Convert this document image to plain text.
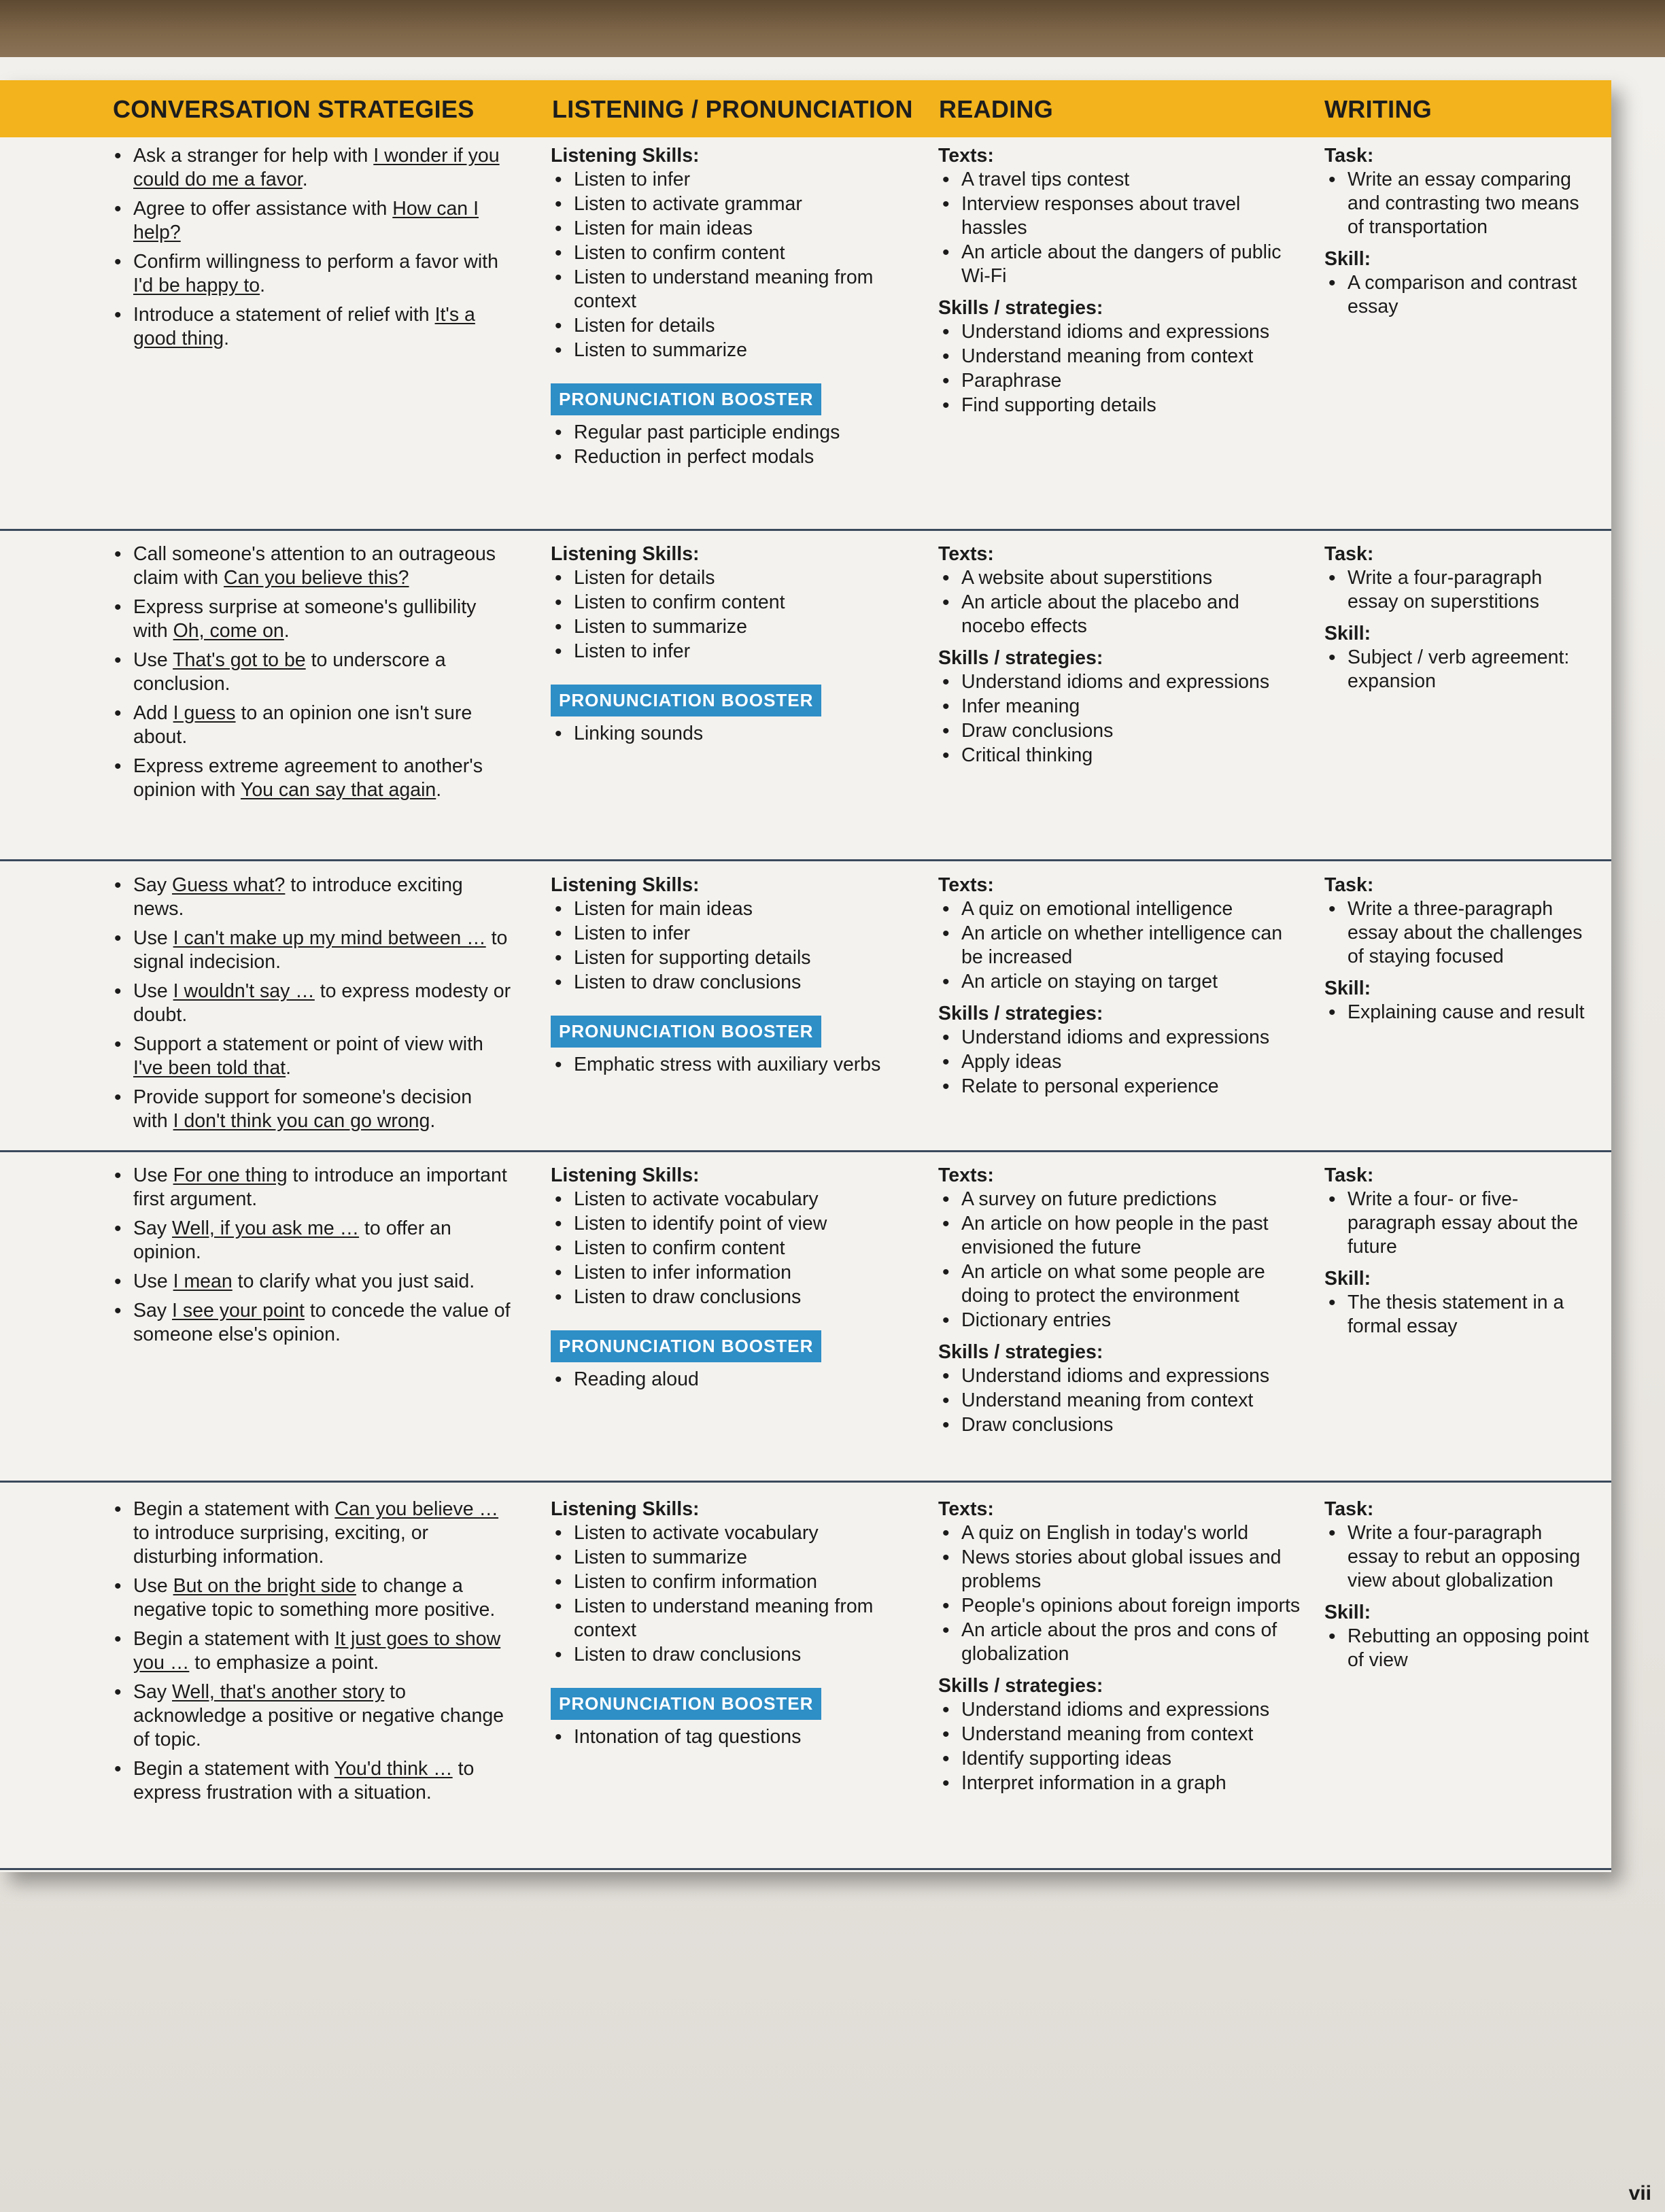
CONVERSATION STRATEGIES	LISTENING / PRONUNCIATION READING	WRITING
• Ask a stranger for help with I wonder if you could do me a favor.
• Agree to offer assistance with How can I help?
• Confirm willingness to perform a favor with I'd be happy to.
• Introduce a statement of relief with It's a good thing.
Listening Skills:
• Listen to infer
• Listen to activate grammar
• Listen for main ideas
• Listen to confirm content
• Listen to understand meaning from context
• Listen for details
• Listen to summarize
PRONUNCIATION BOOSTER
• Regular past participle endings
• Reduction in perfect modals
Texts:
• A travel tips contest
• Interview responses about travel hassles
• An article about the dangers of public Wi-Fi
Skills / strategies:
• Understand idioms and expressions
• Understand meaning from context
• Paraphrase
• Find supporting details
Task:
• Write an essay comparing and contrasting two means of transportation
Skill:
• A comparison and contrast essay
• Call someone's attention to an outrageous claim with Can you believe this?
• Express surprise at someone's gullibility with Oh, come on.
• Use That's got to be to underscore a conclusion.
• Add I guess to an opinion one isn't sure about.
• Express extreme agreement to another's opinion with You can say that again.
Listening Skills:
• Listen for details
• Listen to confirm content
• Listen to summarize
• Listen to infer
PRONUNCIATION BOOSTER
• Linking sounds
Texts:
• A website about superstitions
• An article about the placebo and nocebo effects
Skills / strategies:
• Understand idioms and expressions
• Infer meaning
• Draw conclusions
• Critical thinking
Task:
• Write a four-paragraph essay on superstitions
Skill:
• Subject / verb agreement: expansion
• Say Guess what? to introduce exciting news.
• Use I can't make up my mind between … to signal indecision.
• Use I wouldn't say … to express modesty or doubt.
• Support a statement or point of view with I've been told that.
• Provide support for someone's decision with I don't think you can go wrong.
Listening Skills:
• Listen for main ideas
• Listen to infer
• Listen for supporting details
• Listen to draw conclusions
PRONUNCIATION BOOSTER
• Emphatic stress with auxiliary verbs
Texts:
• A quiz on emotional intelligence
• An article on whether intelligence can be increased
• An article on staying on target
Skills / strategies:
• Understand idioms and expressions
• Apply ideas
• Relate to personal experience
Task:
• Write a three-paragraph essay about the challenges of staying focused
Skill:
• Explaining cause and result
• Use For one thing to introduce an important first argument.
• Say Well, if you ask me … to offer an opinion.
• Use I mean to clarify what you just said.
• Say I see your point to concede the value of someone else's opinion.
Listening Skills:
• Listen to activate vocabulary
• Listen to identify point of view
• Listen to confirm content
• Listen to infer information
• Listen to draw conclusions
PRONUNCIATION BOOSTER
• Reading aloud
Texts:
• A survey on future predictions
• An article on how people in the past envisioned the future
• An article on what some people are doing to protect the environment
• Dictionary entries
Skills / strategies:
• Understand idioms and expressions
• Understand meaning from context
• Draw conclusions
Task:
• Write a four- or five-paragraph essay about the future
Skill:
• The thesis statement in a formal essay
• Begin a statement with Can you believe … to introduce surprising, exciting, or disturbing information.
• Use But on the bright side to change a negative topic to something more positive.
• Begin a statement with It just goes to show you … to emphasize a point.
• Say Well, that's another story to acknowledge a positive or negative change of topic.
• Begin a statement with You'd think … to express frustration with a situation.
Listening Skills:
• Listen to activate vocabulary
• Listen to summarize
• Listen to confirm information
• Listen to understand meaning from context
• Listen to draw conclusions
PRONUNCIATION BOOSTER
• Intonation of tag questions
Texts:
• A quiz on English in today's world
• News stories about global issues and problems
• People's opinions about foreign imports
• An article about the pros and cons of globalization
Skills / strategies:
• Understand idioms and expressions
• Understand meaning from context
• Identify supporting ideas
• Interpret information in a graph
Task:
• Write a four-paragraph essay to rebut an opposing view about globalization
Skill:
• Rebutting an opposing point of view
vii
